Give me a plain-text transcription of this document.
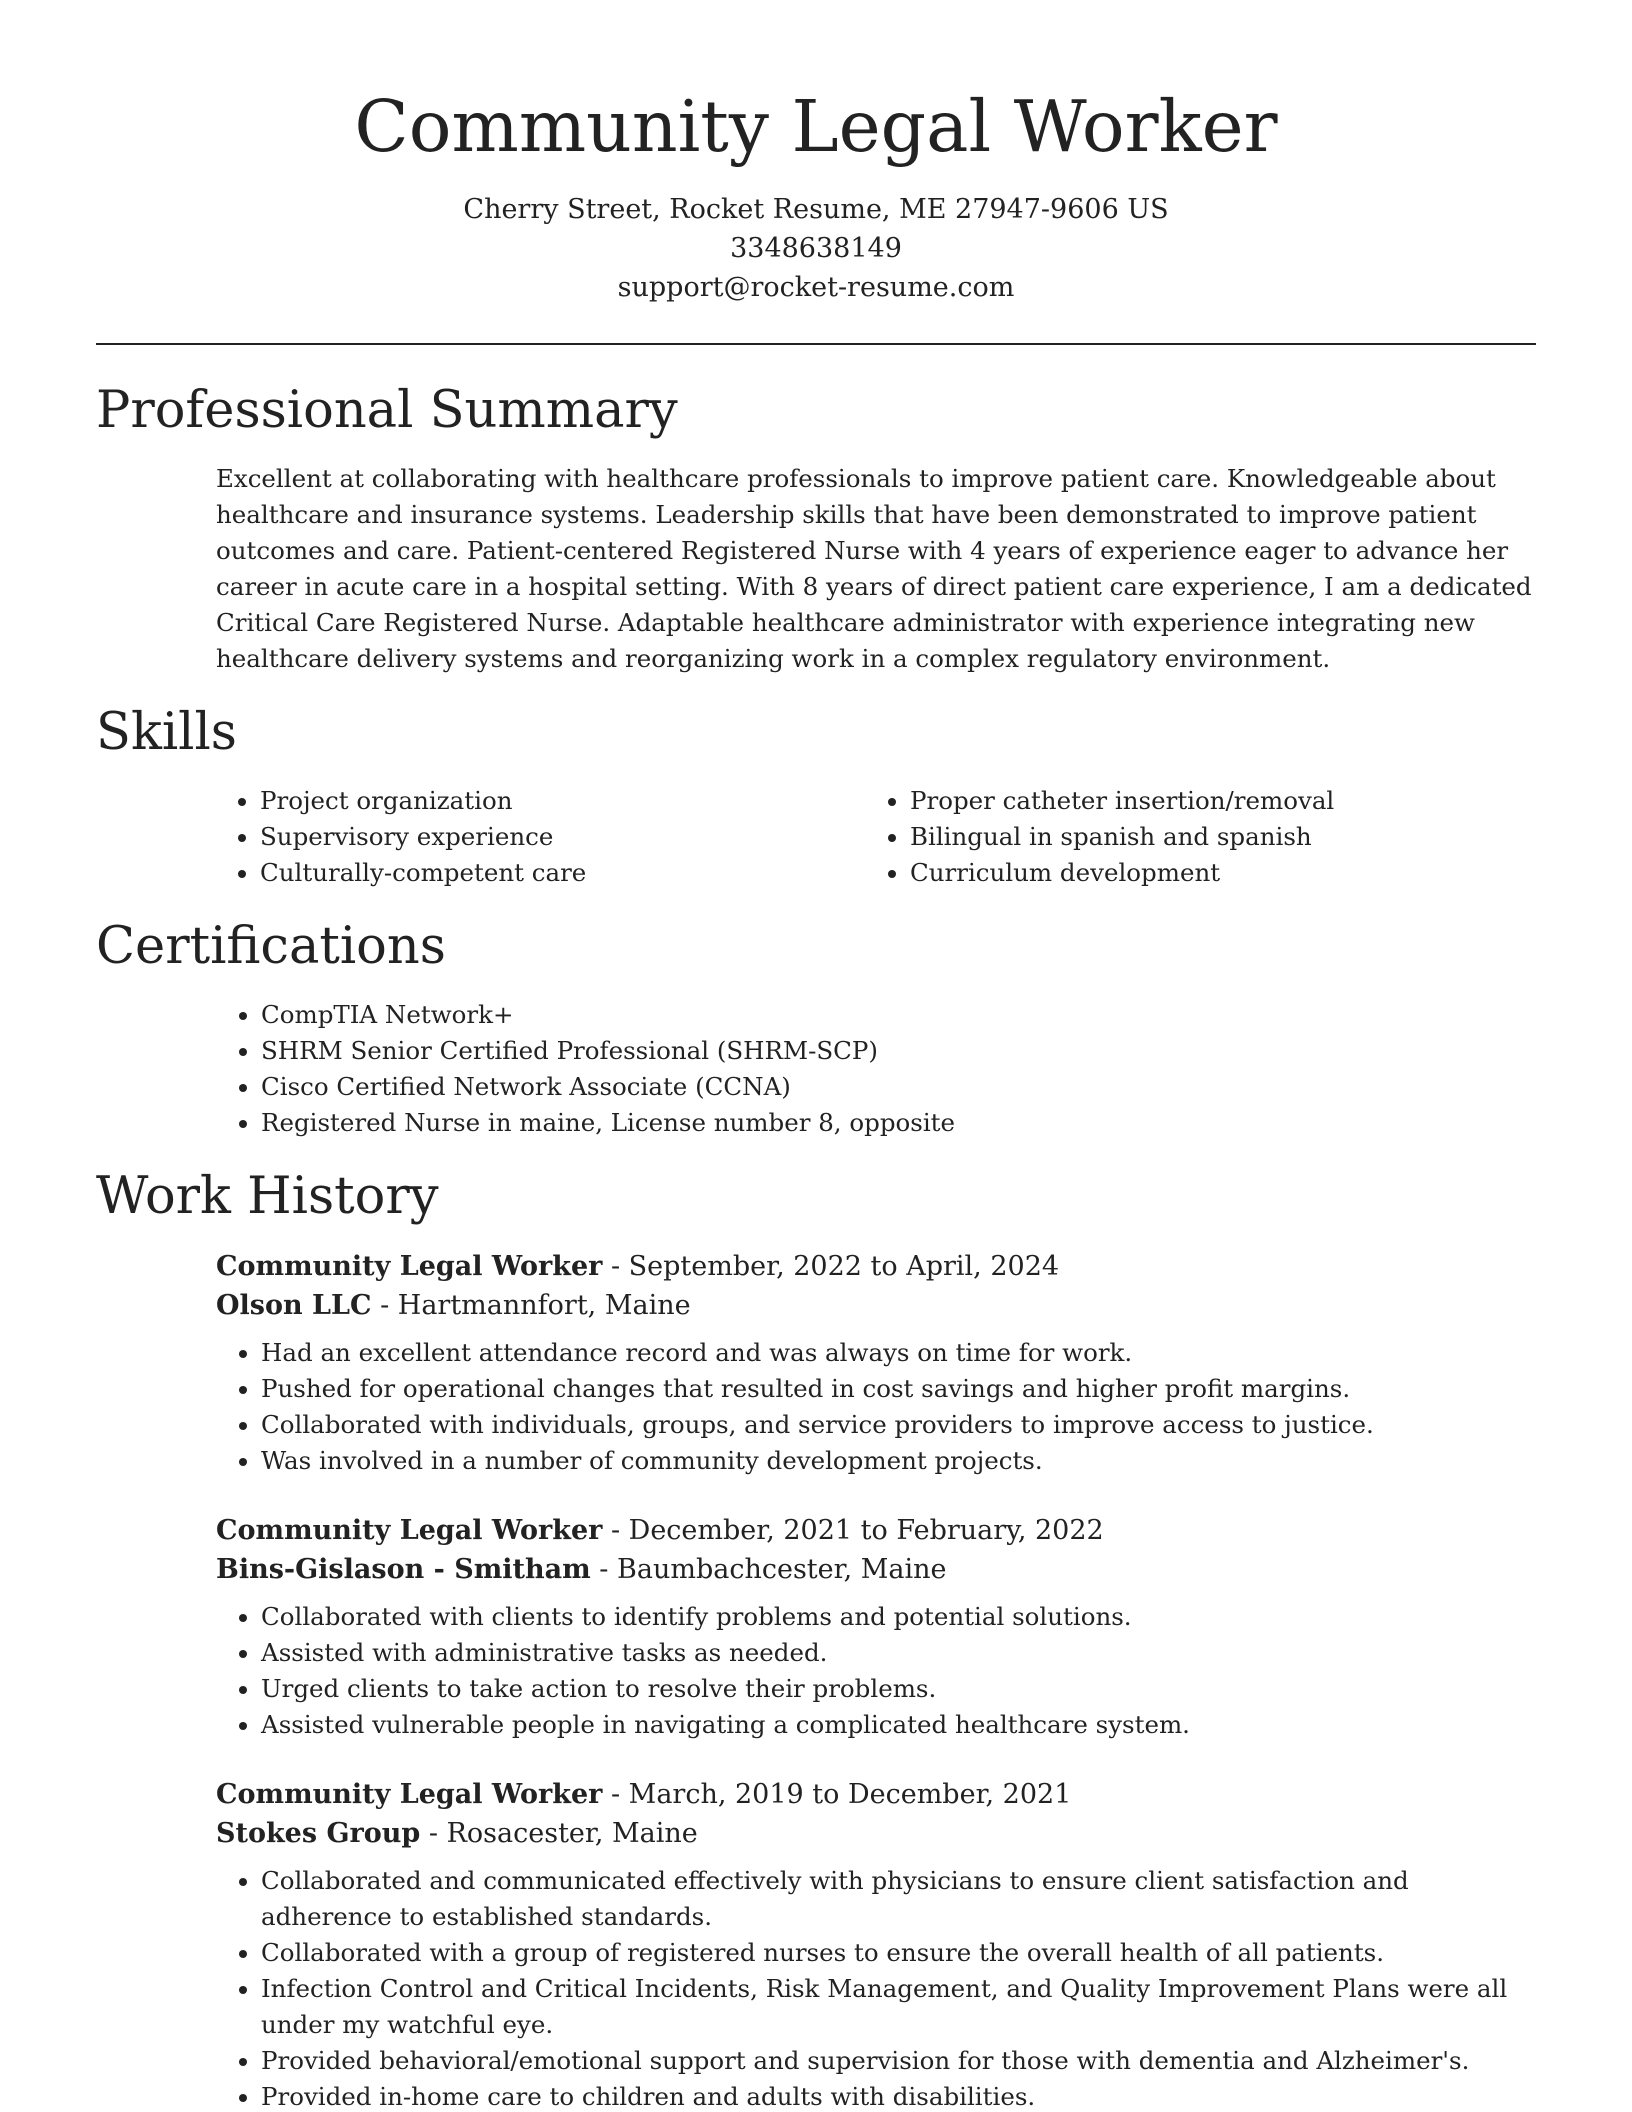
Community Legal Worker
Cherry Street, Rocket Resume, ME 27947-9606 US
3348638149
support@rocket-resume.com
Professional Summary
Excellent at collaborating with healthcare professionals to improve patient care. Knowledgeable about healthcare and insurance systems. Leadership skills that have been demonstrated to improve patient outcomes and care. Patient-centered Registered Nurse with 4 years of experience eager to advance her career in acute care in a hospital setting. With 8 years of direct patient care experience, I am a dedicated Critical Care Registered Nurse. Adaptable healthcare administrator with experience integrating new healthcare delivery systems and reorganizing work in a complex regulatory environment.
Skills
• Project organization
• Supervisory experience
• Culturally-competent care
• Proper catheter insertion/removal
• Bilingual in spanish and spanish
• Curriculum development
Certifications
• CompTIA Network+
• SHRM Senior Certified Professional (SHRM-SCP)
• Cisco Certified Network Associate (CCNA)
• Registered Nurse in maine, License number 8, opposite
Work History
Community Legal Worker - September, 2022 to April, 2024
Olson LLC - Hartmannfort, Maine
• Had an excellent attendance record and was always on time for work.
• Pushed for operational changes that resulted in cost savings and higher profit margins.
• Collaborated with individuals, groups, and service providers to improve access to justice.
• Was involved in a number of community development projects.
Community Legal Worker - December, 2021 to February, 2022
Bins-Gislason - Smitham - Baumbachcester, Maine
• Collaborated with clients to identify problems and potential solutions.
• Assisted with administrative tasks as needed.
• Urged clients to take action to resolve their problems.
• Assisted vulnerable people in navigating a complicated healthcare system.
Community Legal Worker - March, 2019 to December, 2021
Stokes Group - Rosacester, Maine
• Collaborated and communicated effectively with physicians to ensure client satisfaction and adherence to established standards.
• Collaborated with a group of registered nurses to ensure the overall health of all patients.
• Infection Control and Critical Incidents, Risk Management, and Quality Improvement Plans were all under my watchful eye.
• Provided behavioral/emotional support and supervision for those with dementia and Alzheimer's.
• Provided in-home care to children and adults with disabilities.
